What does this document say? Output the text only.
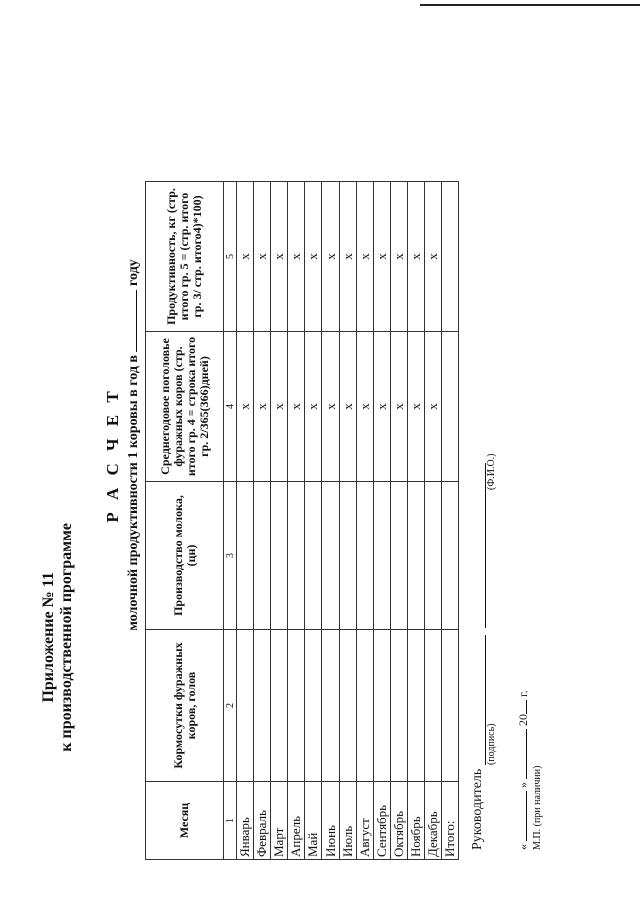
Приложение № 11 к производственной программе
Р А С Ч Е Т молочной продуктивности 1 коровы в год в  году
Месяц	Кормосутки фуражных коров, голов	Производство молока, (цн)	Среднегодовое поголовье фуражных коров (стр. итого гр. 4 = строка итого гр. 2/365(366)дней)	Продуктивность, кг (стр. итого гр. 5 = (стр. итого гр. 3/ стр. итого4)*100)
1	2	3	4	5
Январь			x	x
Февраль			x	x
Март			x	x
Апрель			x	x
Май			x	x
Июнь			x	x
Июль			x	x
Август			x	x
Сентябрь			x	x
Октябрь			x	x
Ноябрь			x	x
Декабрь			x	x
Итого:				Руководитель
(подпись)
(Ф.И.О.)
«  »  20 г.
М.П. (при наличии)
